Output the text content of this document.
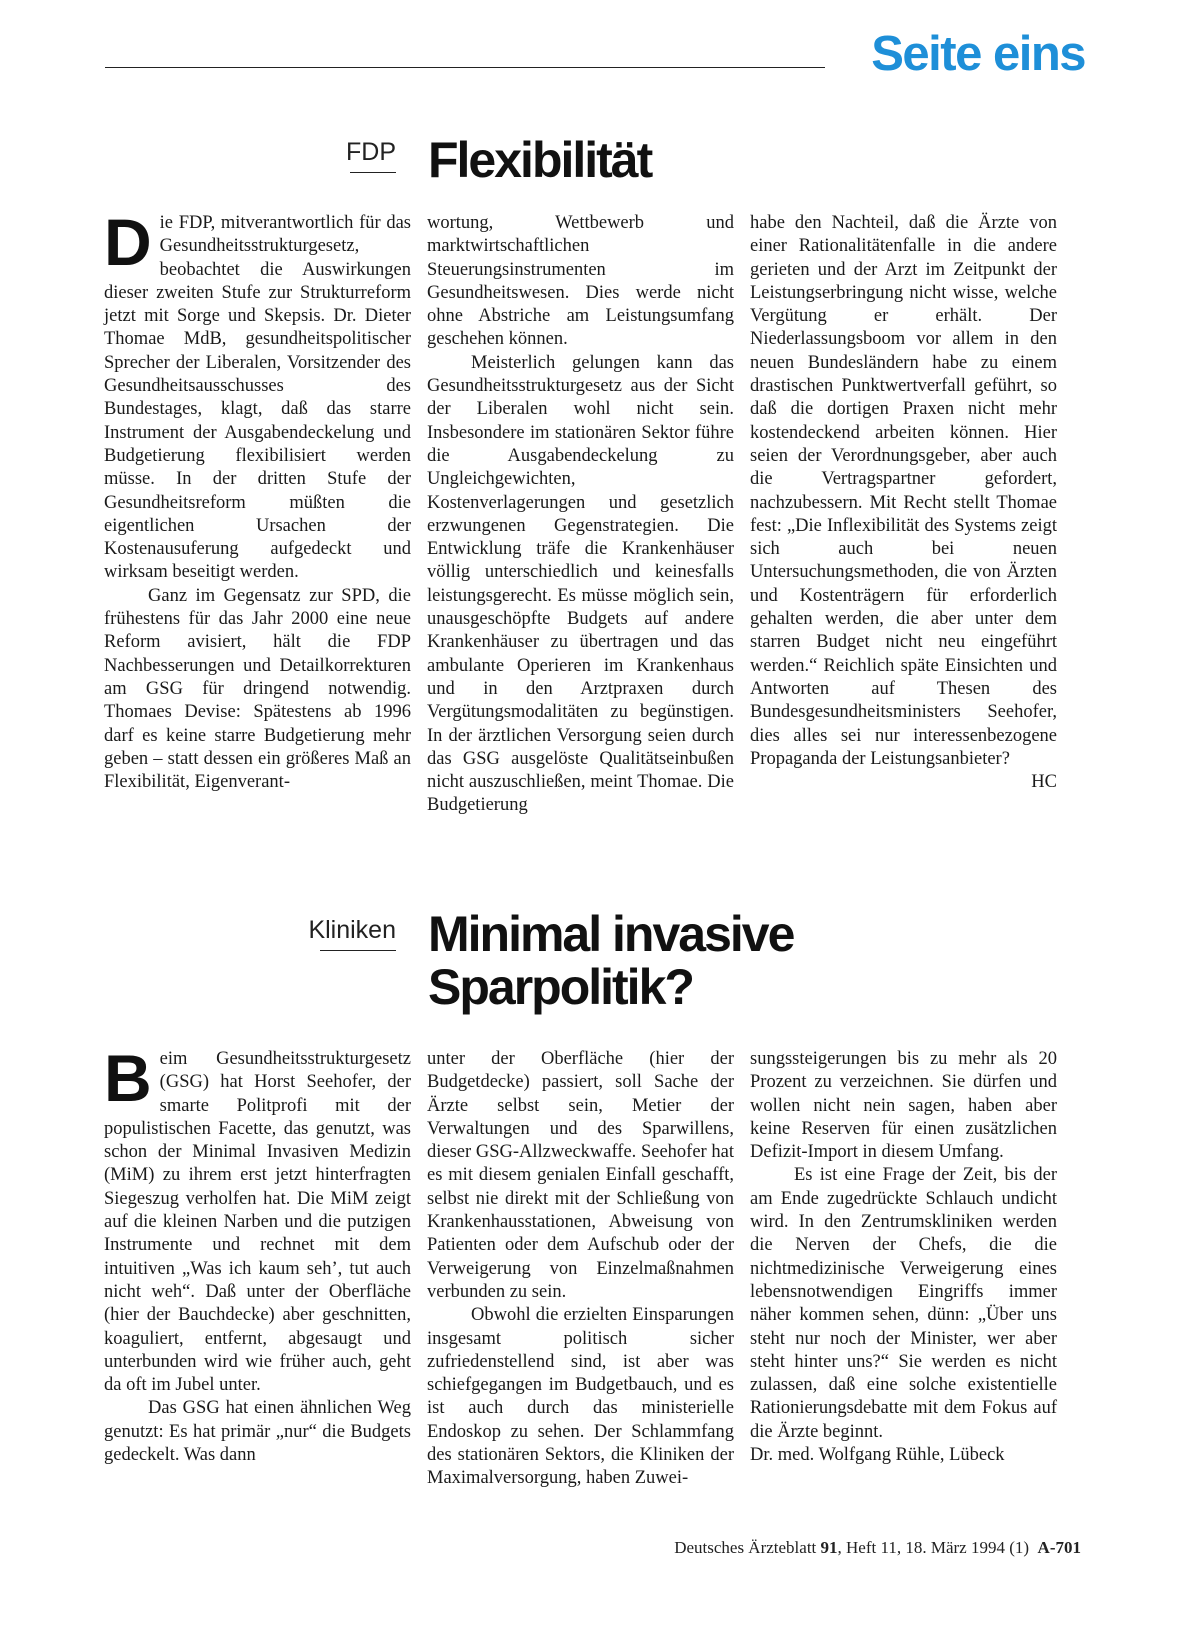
Seite eins
FDP Flexibilität
D ie FDP, mitverantwortlich für das Gesundheitsstrukturgesetz, beobachtet die Auswirkungen dieser zweiten Stufe zur Strukturreform jetzt mit Sorge und Skepsis. Dr. Dieter Thomae MdB, gesundheitspolitischer Sprecher der Liberalen, Vorsitzender des Gesundheitsausschusses des Bundestages, klagt, daß das starre Instrument der Ausgabendeckelung und Budgetierung flexibilisiert werden müsse. In der dritten Stufe der Gesundheitsreform müßten die eigentlichen Ursachen der Kostenausuferung aufgedeckt und wirksam beseitigt werden.

Ganz im Gegensatz zur SPD, die frühestens für das Jahr 2000 eine neue Reform avisiert, hält die FDP Nachbesserungen und Detailkorrekturen am GSG für dringend notwendig. Thomaes Devise: Spätestens ab 1996 darf es keine starre Budgetierung mehr geben – statt dessen ein größeres Maß an Flexibilität, Eigenverant-

wortung, Wettbewerb und marktwirtschaftlichen Steuerungsinstrumenten im Gesundheitswesen. Dies werde nicht ohne Abstriche am Leistungsumfang geschehen können.

Meisterlich gelungen kann das Gesundheitsstrukturgesetz aus der Sicht der Liberalen wohl nicht sein. Insbesondere im stationären Sektor führe die Ausgabendeckelung zu Ungleichgewichten, Kostenverlagerungen und gesetzlich erzwungenen Gegenstrategien. Die Entwicklung träfe die Krankenhäuser völlig unterschiedlich und keinesfalls leistungsgerecht. Es müsse möglich sein, unausgeschöpfte Budgets auf andere Krankenhäuser zu übertragen und das ambulante Operieren im Krankenhaus und in den Arztpraxen durch Vergütungsmodalitäten zu begünstigen. In der ärztlichen Versorgung seien durch das GSG ausgelöste Qualitätseinbußen nicht auszuschließen, meint Thomae. Die Budgetierung

habe den Nachteil, daß die Ärzte von einer Rationalitätenfalle in die andere gerieten und der Arzt im Zeitpunkt der Leistungserbringung nicht wisse, welche Vergütung er erhält. Der Niederlassungsboom vor allem in den neuen Bundesländern habe zu einem drastischen Punktwertverfall geführt, so daß die dortigen Praxen nicht mehr kostendeckend arbeiten können. Hier seien der Verordnungsgeber, aber auch die Vertragspartner gefordert, nachzubessern. Mit Recht stellt Thomae fest: „Die Inflexibilität des Systems zeigt sich auch bei neuen Untersuchungsmethoden, die von Ärzten und Kostenträgern für erforderlich gehalten werden, die aber unter dem starren Budget nicht neu eingeführt werden.“ Reichlich späte Einsichten und Antworten auf Thesen des Bundesgesundheitsministers Seehofer, dies alles sei nur interessenbezogene Propaganda der Leistungsanbieter?

HC
Kliniken Minimal invasive
Sparpolitik?
B eim Gesundheitsstrukturgesetz (GSG) hat Horst Seehofer, der smarte Politprofi mit der populistischen Facette, das genutzt, was schon der Minimal Invasiven Medizin (MiM) zu ihrem erst jetzt hinterfragten Siegeszug verholfen hat. Die MiM zeigt auf die kleinen Narben und die putzigen Instrumente und rechnet mit dem intuitiven „Was ich kaum seh’, tut auch nicht weh“. Daß unter der Oberfläche (hier der Bauchdecke) aber geschnitten, koaguliert, entfernt, abgesaugt und unterbunden wird wie früher auch, geht da oft im Jubel unter.

Das GSG hat einen ähnlichen Weg genutzt: Es hat primär „nur“ die Budgets gedeckelt. Was dann

unter der Oberfläche (hier der Budgetdecke) passiert, soll Sache der Ärzte selbst sein, Metier der Verwaltungen und des Sparwillens, dieser GSG-Allzweckwaffe. Seehofer hat es mit diesem genialen Einfall geschafft, selbst nie direkt mit der Schließung von Krankenhausstationen, Abweisung von Patienten oder dem Aufschub oder der Verweigerung von Einzelmaßnahmen verbunden zu sein.

Obwohl die erzielten Einsparungen insgesamt politisch sicher zufriedenstellend sind, ist aber was schiefgegangen im Budgetbauch, und es ist auch durch das ministerielle Endoskop zu sehen. Der Schlammfang des stationären Sektors, die Kliniken der Maximalversorgung, haben Zuwei-

sungssteigerungen bis zu mehr als 20 Prozent zu verzeichnen. Sie dürfen und wollen nicht nein sagen, haben aber keine Reserven für einen zusätzlichen Defizit-Import in diesem Umfang.

Es ist eine Frage der Zeit, bis der am Ende zugedrückte Schlauch undicht wird. In den Zentrumskliniken werden die Nerven der Chefs, die die nichtmedizinische Verweigerung eines lebensnotwendigen Eingriffs immer näher kommen sehen, dünn: „Über uns steht nur noch der Minister, wer aber steht hinter uns?“ Sie werden es nicht zulassen, daß eine solche existentielle Rationierungsdebatte mit dem Fokus auf die Ärzte beginnt.

Dr. med. Wolfgang Rühle, Lübeck

Deutsches Ärzteblatt 91, Heft 11, 18. März 1994 (1) A-701
